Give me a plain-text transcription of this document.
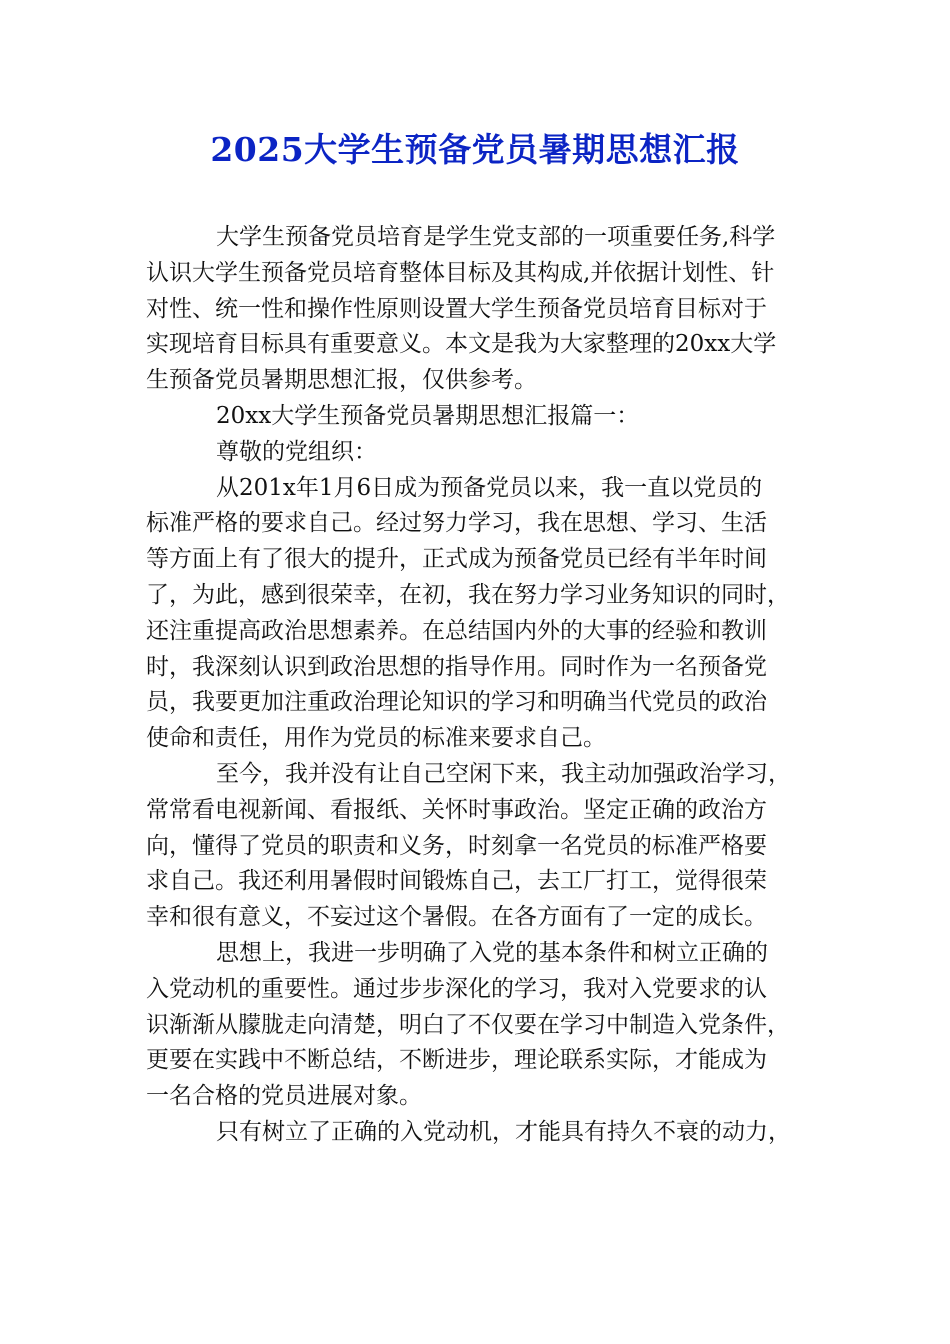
2025大学生预备党员暑期思想汇报

大学生预备党员培育是学生党支部的一项重要任务,科学
认识大学生预备党员培育整体目标及其构成,并依据计划性、针
对性、统一性和操作性原则设置大学生预备党员培育目标对于
实现培育目标具有重要意义。本文是我为大家整理的20xx大学
生预备党员暑期思想汇报，仅供参考。

20xx大学生预备党员暑期思想汇报篇一：

尊敬的党组织：

从201x年1月6日成为预备党员以来，我一直以党员的
标准严格的要求自己。经过努力学习，我在思想、学习、生活
等方面上有了很大的提升，正式成为预备党员已经有半年时间
了，为此，感到很荣幸，在初，我在努力学习业务知识的同时，
还注重提高政治思想素养。在总结国内外的大事的经验和教训
时，我深刻认识到政治思想的指导作用。同时作为一名预备党
员，我要更加注重政治理论知识的学习和明确当代党员的政治
使命和责任，用作为党员的标准来要求自己。

至今，我并没有让自己空闲下来，我主动加强政治学习，
常常看电视新闻、看报纸、关怀时事政治。坚定正确的政治方
向，懂得了党员的职责和义务，时刻拿一名党员的标准严格要
求自己。我还利用暑假时间锻炼自己，去工厂打工，觉得很荣
幸和很有意义，不妄过这个暑假。在各方面有了一定的成长。

思想上，我进一步明确了入党的基本条件和树立正确的
入党动机的重要性。通过步步深化的学习，我对入党要求的认
识渐渐从朦胧走向清楚，明白了不仅要在学习中制造入党条件，
更要在实践中不断总结，不断进步，理论联系实际，才能成为
一名合格的党员进展对象。

只有树立了正确的入党动机，才能具有持久不衰的动力，
